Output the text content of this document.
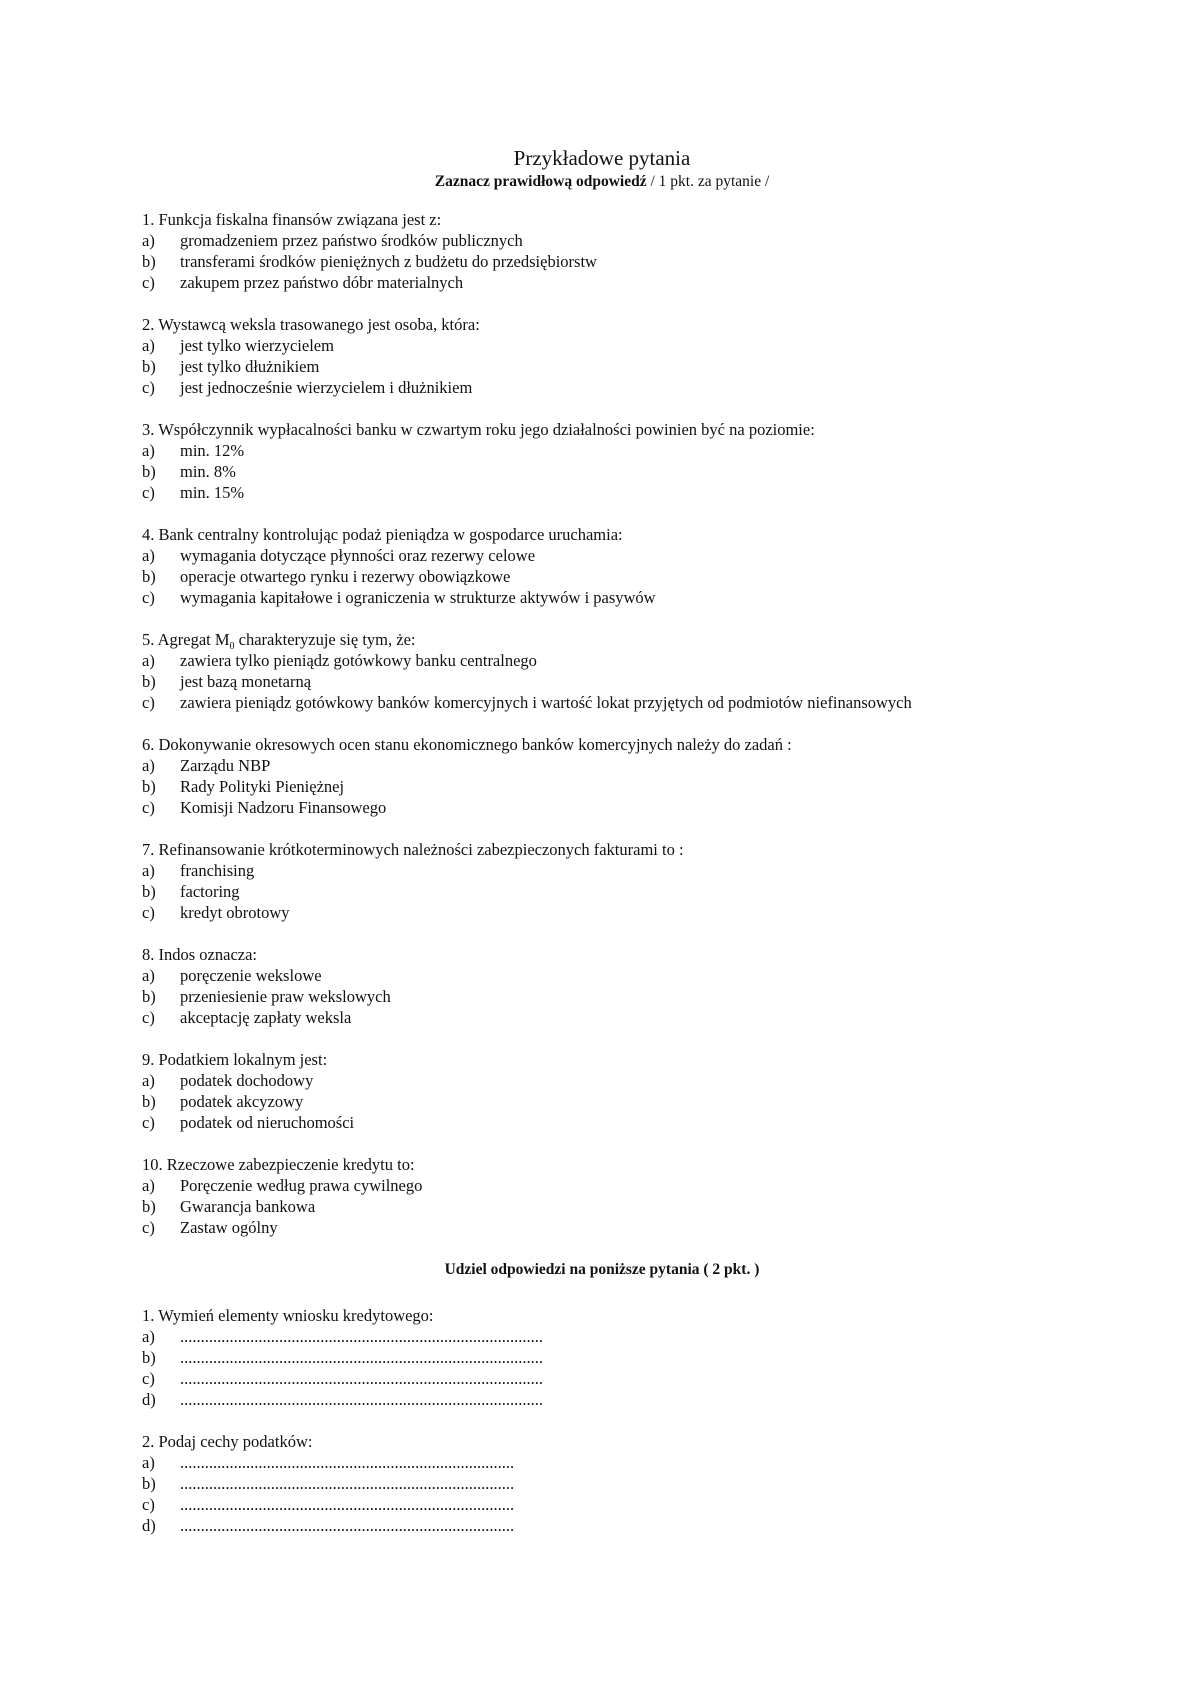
Przykładowe pytania
Zaznacz prawidłową odpowiedź / 1 pkt. za pytanie /

1. Funkcja fiskalna finansów związana jest z:

a)	gromadzeniem przez państwo środków publicznych
b)	transferami środków pieniężnych z budżetu do przedsiębiorstw
c)	zakupem przez państwo dóbr materialnych

2. Wystawcą weksla trasowanego jest osoba, która:

a)	jest tylko wierzycielem
b)	jest tylko dłużnikiem
c)	jest jednocześnie wierzycielem i dłużnikiem

3. Współczynnik wypłacalności banku w czwartym roku jego działalności powinien być na poziomie:

a)	min. 12%
b)	min. 8%
c)	min. 15%

4. Bank centralny kontrolując podaż pieniądza w gospodarce uruchamia:

a)	wymagania dotyczące płynności oraz rezerwy celowe
b)	operacje otwartego rynku i rezerwy obowiązkowe
c)	wymagania kapitałowe i ograniczenia w strukturze aktywów i pasywów

5. Agregat $M_0$ charakteryzuje się tym, że:

a)	zawiera tylko pieniądz gotówkowy banku centralnego
b)	jest bazą monetarną
c)	zawiera pieniądz gotówkowy banków komercyjnych i wartość lokat przyjętych od podmiotów niefinansowych

6. Dokonywanie okresowych ocen stanu ekonomicznego banków komercyjnych należy do zadań :

a)	Zarządu NBP
b)	Rady Polityki Pieniężnej
c)	Komisji Nadzoru Finansowego

7. Refinansowanie krótkoterminowych należności zabezpieczonych fakturami to :

a)	franchising
b)	factoring
c)	kredyt obrotowy

8. Indos oznacza:

a)	poręczenie wekslowe
b)	przeniesienie praw wekslowych
c)	akceptację zapłaty weksla

9. Podatkiem lokalnym jest:

a)	podatek dochodowy
b)	podatek akcyzowy
c)	podatek od nieruchomości

10. Rzeczowe zabezpieczenie kredytu to:

a)	Poręczenie według prawa cywilnego
b)	Gwarancja bankowa
c)	Zastaw ogólny
Udziel odpowiedzi na poniższe pytania ( 2 pkt. )

1. Wymień elementy wniosku kredytowego:

a)	........................................................................................
b)	........................................................................................
c)	........................................................................................
d)	........................................................................................

2. Podaj cechy podatków:

a)	.................................................................................
b)	.................................................................................
c)	.................................................................................
d)	.................................................................................
